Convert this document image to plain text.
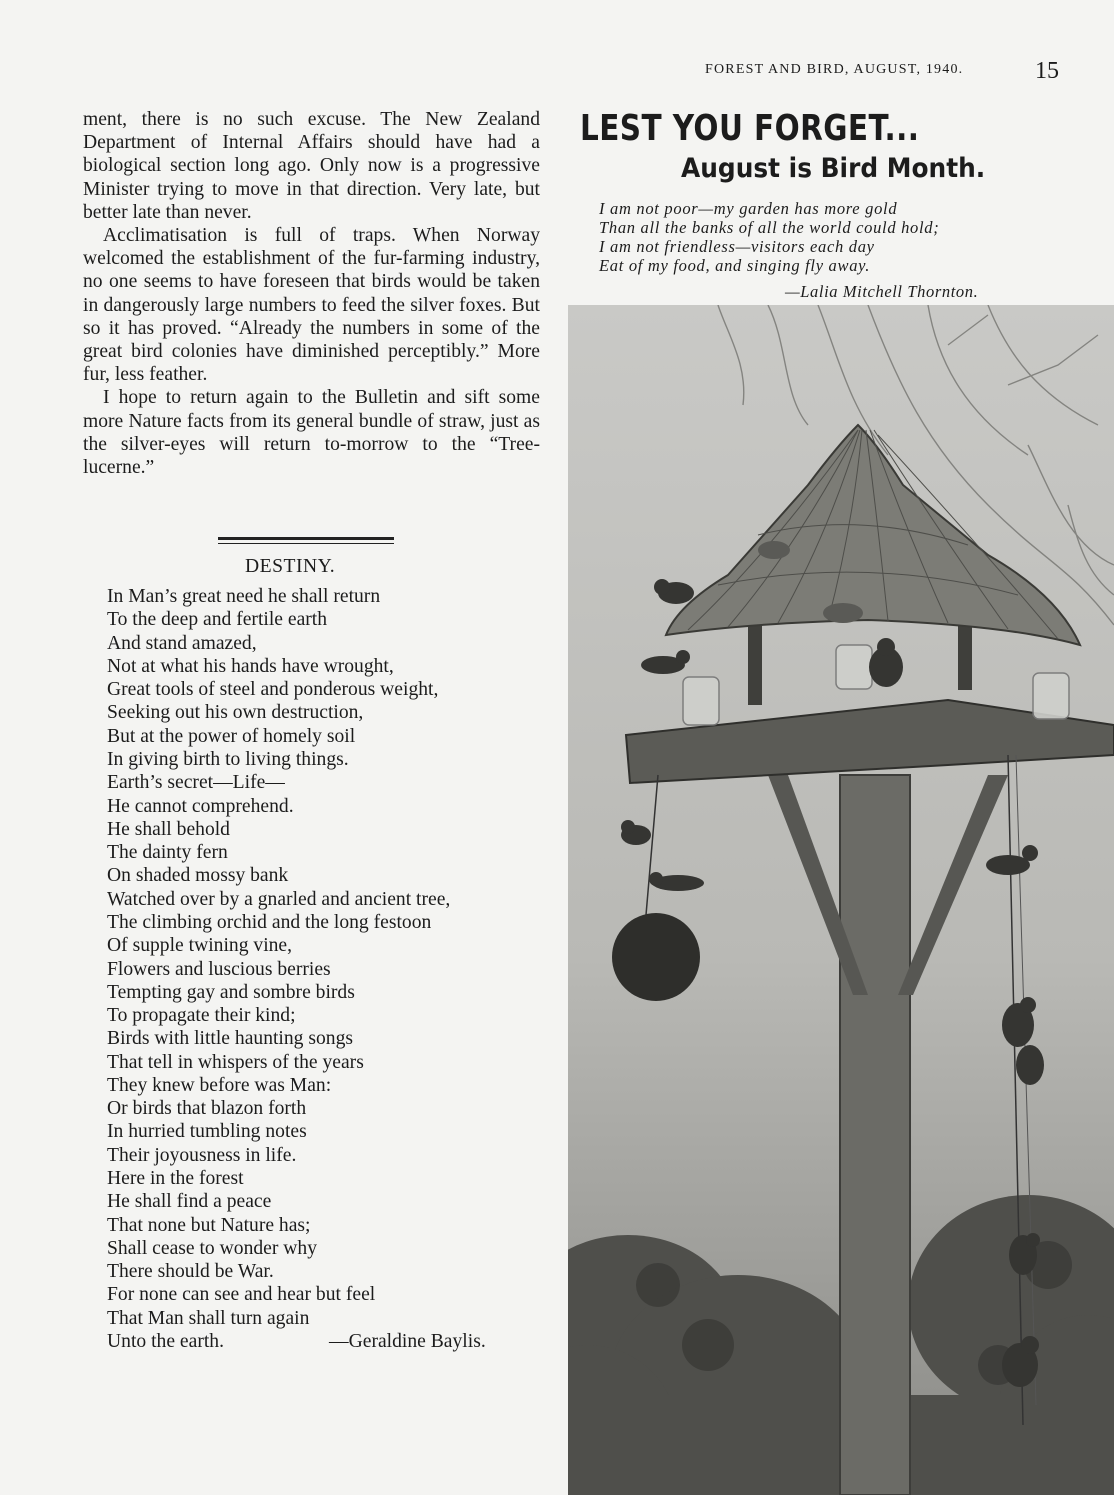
FOREST AND BIRD, AUGUST, 1940.	15

ment, there is no such excuse. The New Zealand Department of Internal Affairs should have had a biological section long ago. Only now is a progressive Minister trying to move in that direction. Very late, but better late than never.

Acclimatisation is full of traps. When Norway welcomed the establishment of the fur-farming industry, no one seems to have foreseen that birds would be taken in dangerously large numbers to feed the silver foxes. But so it has proved. “Already the numbers in some of the great bird colonies have diminished perceptibly.” More fur, less feather.

I hope to return again to the Bulletin and sift some more Nature facts from its general bundle of straw, just as the silver-eyes will return to-morrow to the “Tree-lucerne.”

DESTINY.
In Man’s great need he shall return
To the deep and fertile earth
And stand amazed,
Not at what his hands have wrought,
Great tools of steel and ponderous weight,
Seeking out his own destruction,
But at the power of homely soil
In giving birth to living things.
Earth’s secret—Life—
He cannot comprehend.
He shall behold
The dainty fern
On shaded mossy bank
Watched over by a gnarled and ancient tree,
The climbing orchid and the long festoon
Of supple twining vine,
Flowers and luscious berries
Tempting gay and sombre birds
To propagate their kind;
Birds with little haunting songs
That tell in whispers of the years
They knew before was Man:
Or birds that blazon forth
In hurried tumbling notes
Their joyousness in life.
Here in the forest
He shall find a peace
That none but Nature has;
Shall cease to wonder why
There should be War.
For none can see and hear but feel
That Man shall turn again
Unto the earth.	—Geraldine Baylis.
LEST YOU FORGET...
August is Bird Month.
I am not poor—my garden has more gold
Than all the banks of all the world could hold;
I am not friendless—visitors each day
Eat of my food, and singing fly away.
—Lalia Mitchell Thornton.
